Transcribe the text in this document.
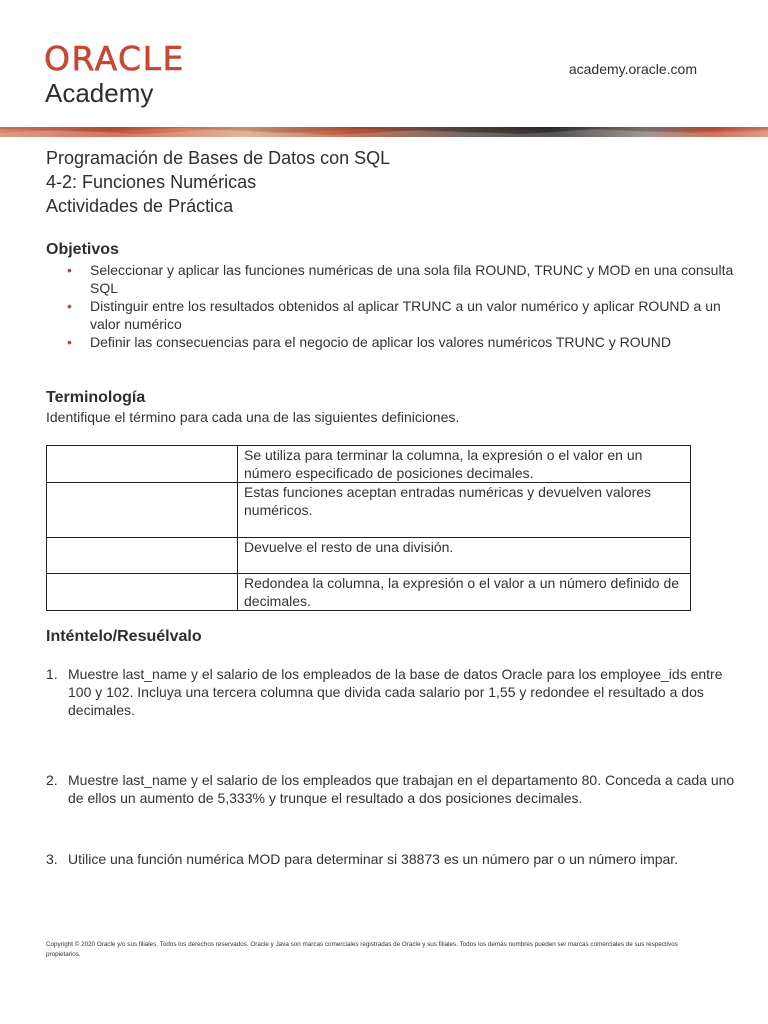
ORACLE
Academy
academy.oracle.com
Programación de Bases de Datos con SQL
4-2: Funciones Numéricas
Actividades de Práctica
Objetivos
• Seleccionar y aplicar las funciones numéricas de una sola fila ROUND, TRUNC y MOD en una consulta SQL
• Distinguir entre los resultados obtenidos al aplicar TRUNC a un valor numérico y aplicar ROUND a un valor numérico
• Definir las consecuencias para el negocio de aplicar los valores numéricos TRUNC y ROUND
Terminología
Identifique el término para cada una de las siguientes definiciones.
	Se utiliza para terminar la columna, la expresión o el valor en un número especificado de posiciones decimales.
	Estas funciones aceptan entradas numéricas y devuelven valores numéricos.
	Devuelve el resto de una división.
	Redondea la columna, la expresión o el valor a un número definido de decimales.
Inténtelo/Resuélvalo
1. Muestre last_name y el salario de los empleados de la base de datos Oracle para los employee_ids entre 100 y 102. Incluya una tercera columna que divida cada salario por 1,55 y redondee el resultado a dos decimales.
2. Muestre last_name y el salario de los empleados que trabajan en el departamento 80. Conceda a cada uno de ellos un aumento de 5,333% y trunque el resultado a dos posiciones decimales.
3. Utilice una función numérica MOD para determinar si 38873 es un número par o un número impar.
Copyright © 2020 Oracle y/o sus filiales. Todos los derechos reservados. Oracle y Java son marcas comerciales registradas de Oracle y sus filiales. Todos los demás nombres pueden ser marcas comerciales de sus respectivos propietarios.
